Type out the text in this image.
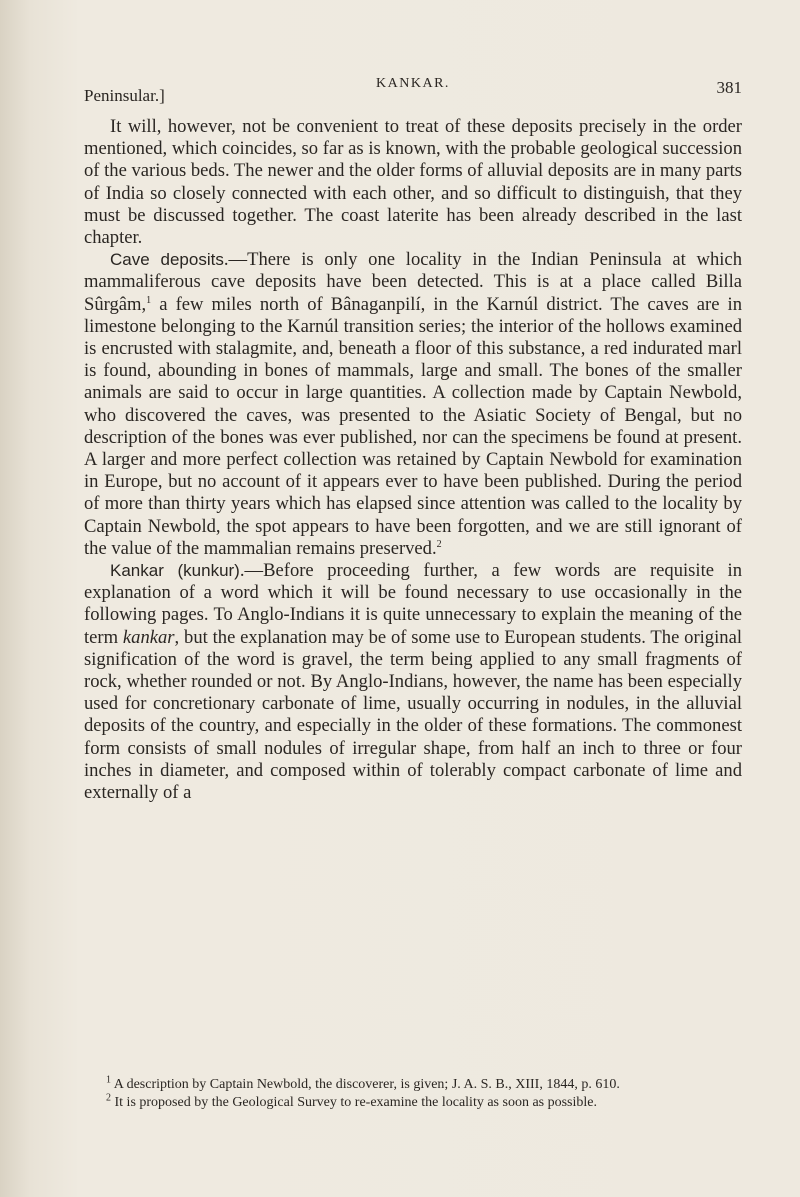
Peninsular.]
KANKAR.	381

It will, however, not be convenient to treat of these deposits precisely in the order mentioned, which coincides, so far as is known, with the probable geological succession of the various beds. The newer and the older forms of alluvial deposits are in many parts of India so closely connected with each other, and so difficult to distinguish, that they must be discussed together. The coast laterite has been already described in the last chapter.

Cave deposits.—There is only one locality in the Indian Peninsula at which mammaliferous cave deposits have been detected. This is at a place called Billa Sûrgâm,$^1$ a few miles north of Bânaganpilí, in the Karnúl district. The caves are in limestone belonging to the Karnúl transition series; the interior of the hollows examined is encrusted with stalagmite, and, beneath a floor of this substance, a red indurated marl is found, abounding in bones of mammals, large and small. The bones of the smaller animals are said to occur in large quantities. A collection made by Captain Newbold, who discovered the caves, was presented to the Asiatic Society of Bengal, but no description of the bones was ever published, nor can the specimens be found at present. A larger and more perfect collection was retained by Captain Newbold for examination in Europe, but no account of it appears ever to have been published. During the period of more than thirty years which has elapsed since attention was called to the locality by Captain Newbold, the spot appears to have been forgotten, and we are still ignorant of the value of the mammalian remains preserved.$^2$

Kankar (kunkur).—Before proceeding further, a few words are requisite in explanation of a word which it will be found necessary to use occasionally in the following pages. To Anglo-Indians it is quite unnecessary to explain the meaning of the term kankar, but the explanation may be of some use to European students. The original signification of the word is gravel, the term being applied to any small fragments of rock, whether rounded or not. By Anglo-Indians, however, the name has been especially used for concretionary carbonate of lime, usually occurring in nodules, in the alluvial deposits of the country, and especially in the older of these formations. The commonest form consists of small nodules of irregular shape, from half an inch to three or four inches in diameter, and composed within of tolerably compact carbonate of lime and externally of a

$^1$ A description by Captain Newbold, the discoverer, is given; J. A. S. B., XIII, 1844, p. 610.

$^2$ It is proposed by the Geological Survey to re-examine the locality as soon as possible.
